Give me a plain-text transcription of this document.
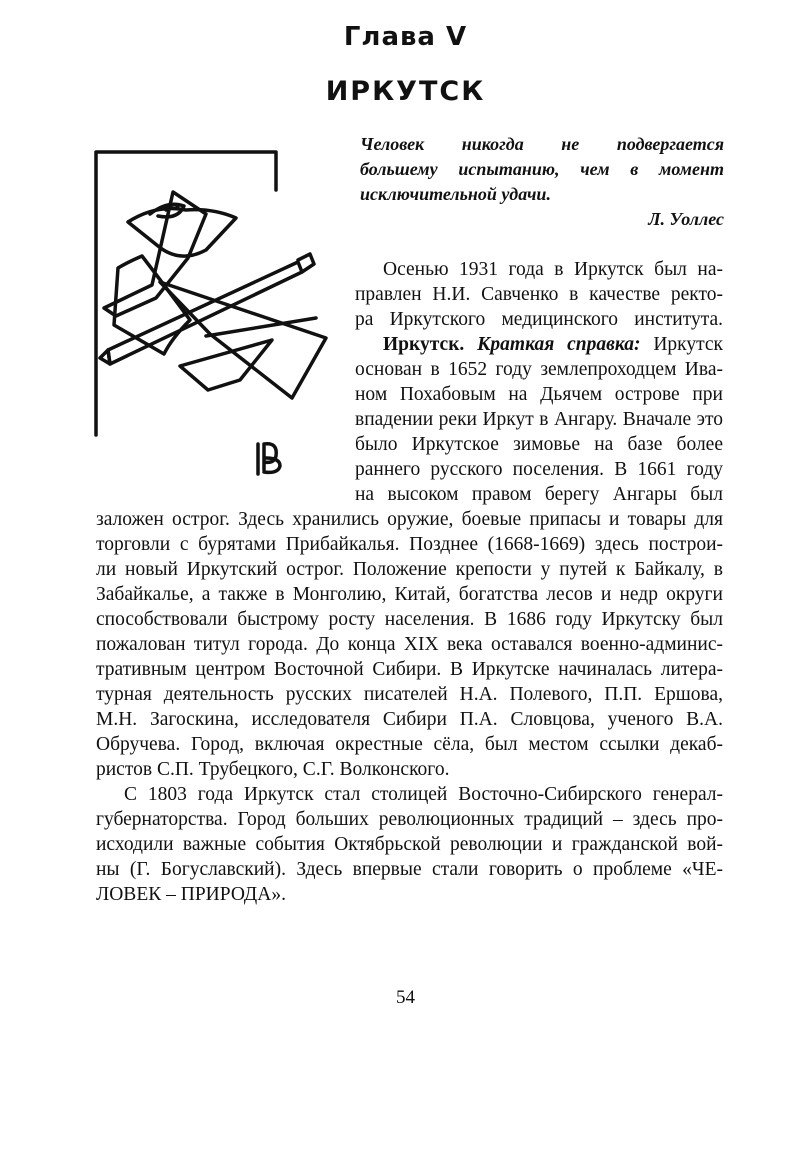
Глава V
ИРКУТСК
Человек никогда не подвергается
большему испытанию, чем в момент
исключительной удачи.
Л. Уоллес
Осенью 1931 года в Иркутск был на-
правлен Н.И. Савченко в качестве ректо-
ра Иркутского медицинского института.
Иркутск. Краткая справка: Иркутск
основан в 1652 году землепроходцем Ива-
ном Похабовым на Дьячем острове при
впадении реки Иркут в Ангару. Вначале это
было Иркутское зимовье на базе более
раннего русского поселения. В 1661 году
на высоком правом берегу Ангары был
заложен острог. Здесь хранились оружие, боевые припасы и товары для
торговли с бурятами Прибайкалья. Позднее (1668-1669) здесь построи-
ли новый Иркутский острог. Положение крепости у путей к Байкалу, в
Забайкалье, а также в Монголию, Китай, богатства лесов и недр округи
способствовали быстрому росту населения. В 1686 году Иркутску был
пожалован титул города. До конца XIX века оставался военно-админис-
тративным центром Восточной Сибири. В Иркутске начиналась литера-
турная деятельность русских писателей Н.А. Полевого, П.П. Ершова,
М.Н. Загоскина, исследователя Сибири П.А. Словцова, ученого В.А.
Обручева. Город, включая окрестные сёла, был местом ссылки декаб-
ристов С.П. Трубецкого, С.Г. Волконского.
С 1803 года Иркутск стал столицей Восточно-Сибирского генерал-
губернаторства. Город больших революционных традиций – здесь про-
исходили важные события Октябрьской революции и гражданской вой-
ны (Г. Богуславский). Здесь впервые стали говорить о проблеме «ЧЕ-
ЛОВЕК – ПРИРОДА».
54
